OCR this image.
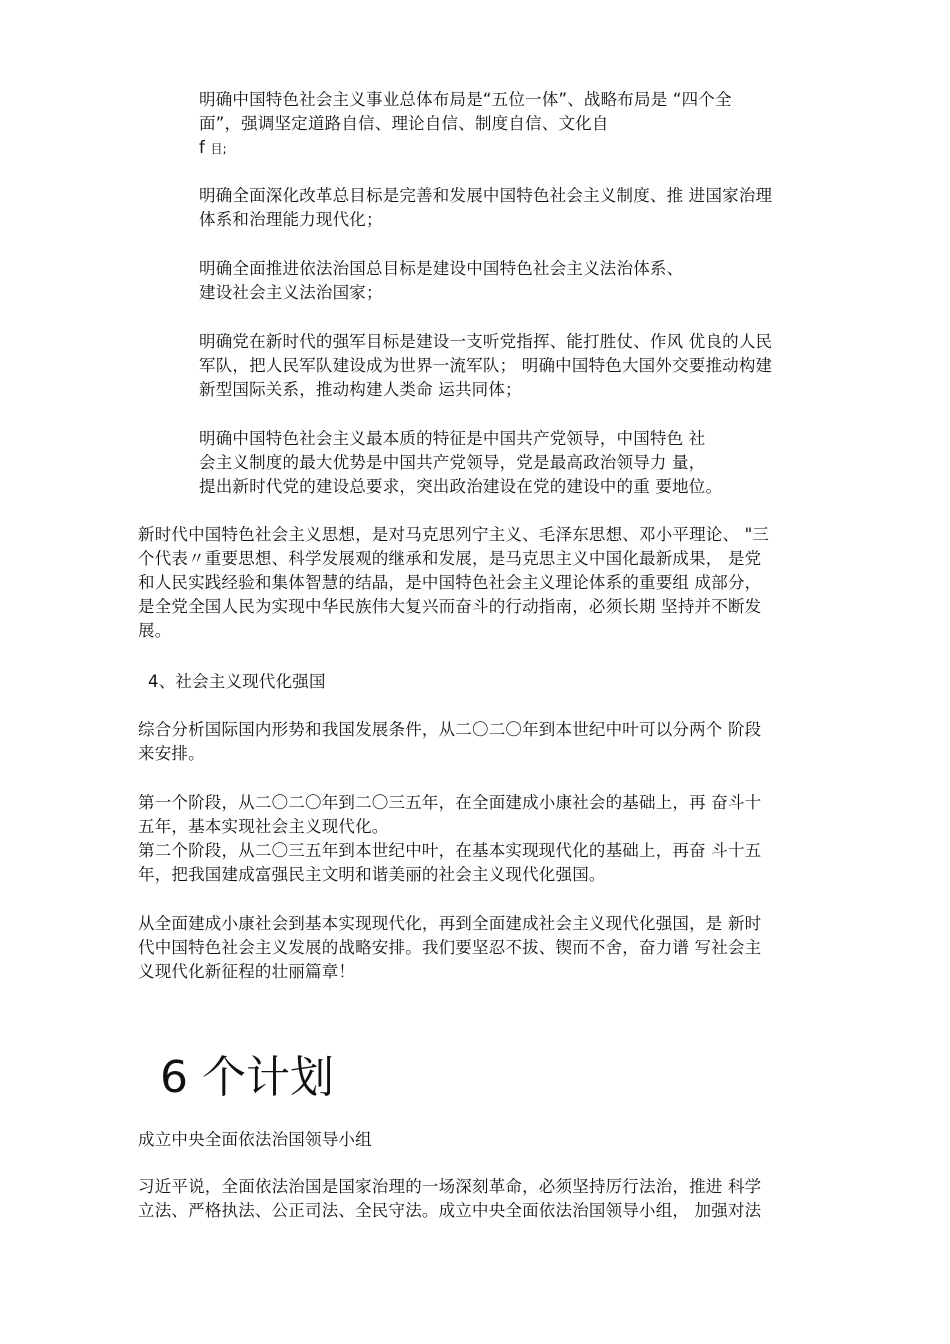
明确中国特色社会主义事业总体布局是“五位一体”、战略布局是 “四个全
面”，强调坚定道路自信、理论自信、制度自信、文化自
f 目;
明确全面深化改革总目标是完善和发展中国特色社会主义制度、推 进国家治理
体系和治理能力现代化；
明确全面推进依法治国总目标是建设中国特色社会主义法治体系、
建设社会主义法治国家；
明确党在新时代的强军目标是建设一支听党指挥、能打胜仗、作风 优良的人民
军队，把人民军队建设成为世界一流军队； 明确中国特色大国外交要推动构建
新型国际关系，推动构建人类命 运共同体；
明确中国特色社会主义最本质的特征是中国共产党领导，中国特色 社
会主义制度的最大优势是中国共产党领导，党是最高政治领导力 量，
提出新时代党的建设总要求，突出政治建设在党的建设中的重 要地位。
新时代中国特色社会主义思想，是对马克思列宁主义、毛泽东思想、邓小平理论、 "三
个代表〃重要思想、科学发展观的继承和发展，是马克思主义中国化最新成果， 是党
和人民实践经验和集体智慧的结晶，是中国特色社会主义理论体系的重要组 成部分，
是全党全国人民为实现中华民族伟大复兴而奋斗的行动指南，必须长期 坚持并不断发
展。
4、社会主义现代化强国
综合分析国际国内形势和我国发展条件，从二〇二〇年到本世纪中叶可以分两个 阶段
来安排。
第一个阶段，从二〇二〇年到二〇三五年，在全面建成小康社会的基础上，再 奋斗十
五年，基本实现社会主义现代化。
第二个阶段，从二〇三五年到本世纪中叶，在基本实现现代化的基础上，再奋 斗十五
年，把我国建成富强民主文明和谐美丽的社会主义现代化强国。
从全面建成小康社会到基本实现现代化，再到全面建成社会主义现代化强国，是 新时
代中国特色社会主义发展的战略安排。我们要坚忍不拔、锲而不舍，奋力谱 写社会主
义现代化新征程的壮丽篇章！
6 个计划
成立中央全面依法治国领导小组
习近平说，全面依法治国是国家治理的一场深刻革命，必须坚持厉行法治，推进 科学
立法、严格执法、公正司法、全民守法。成立中央全面依法治国领导小组， 加强对法
